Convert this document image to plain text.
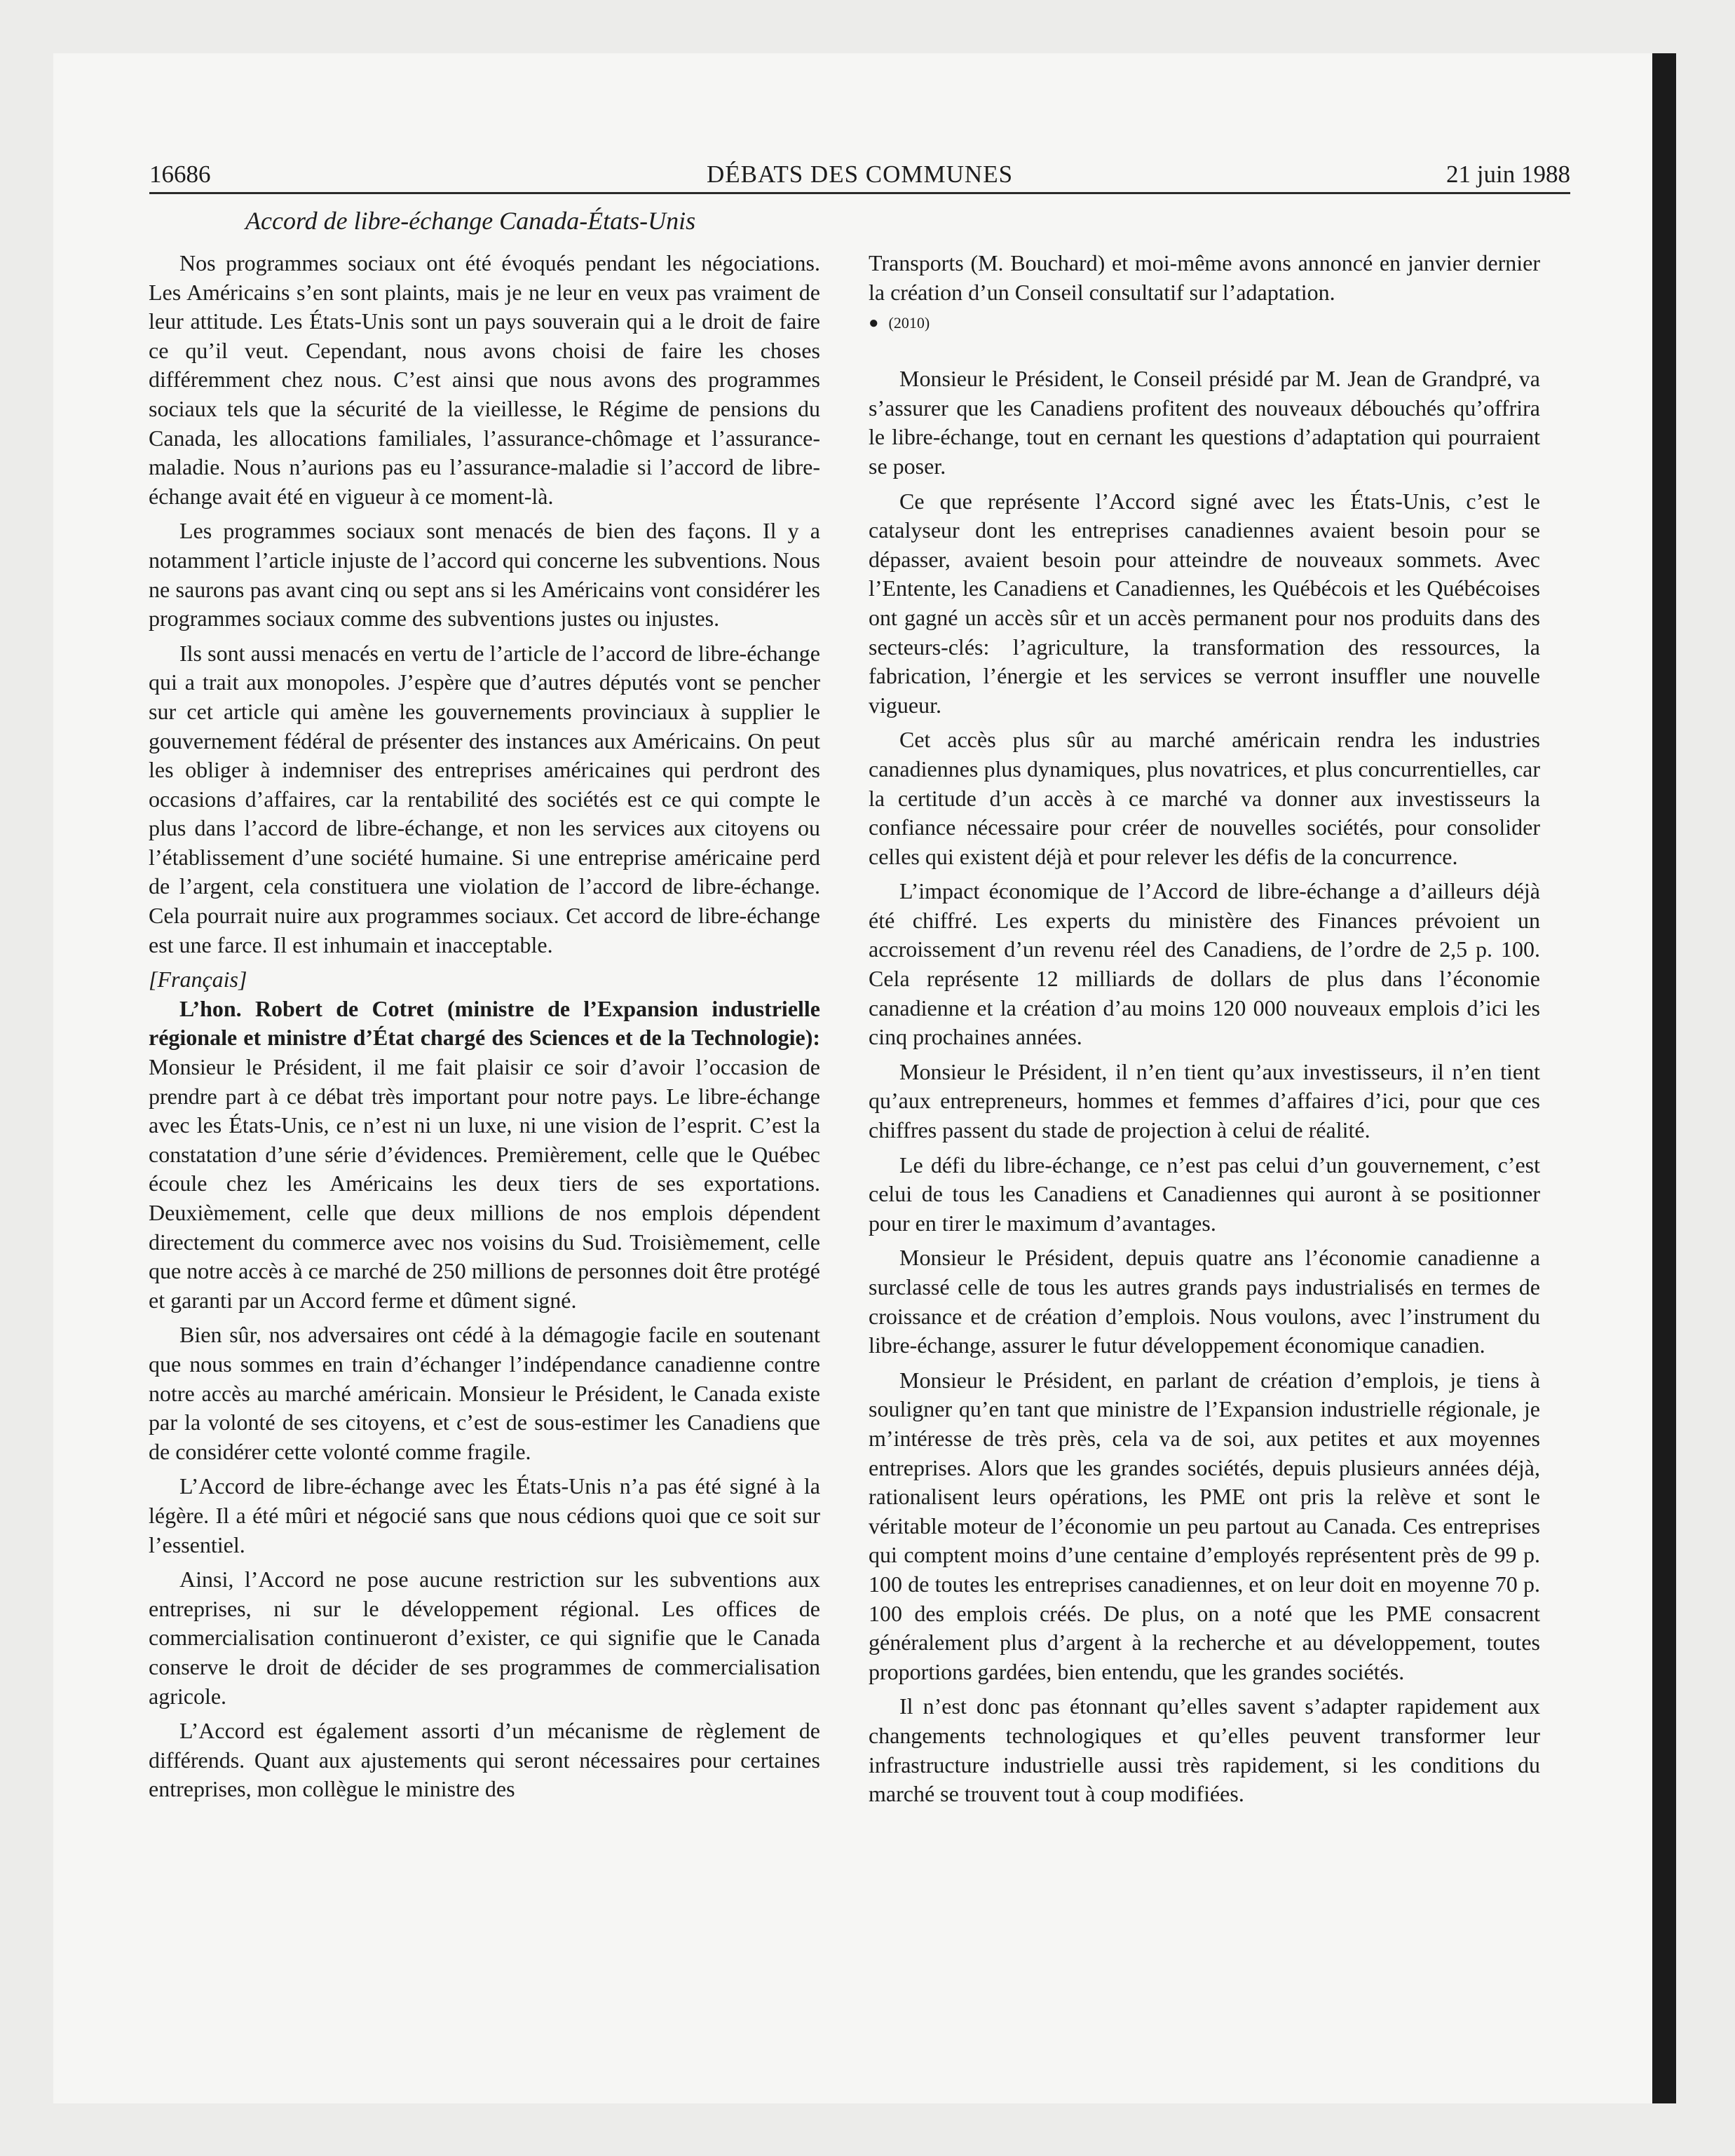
16686	DÉBATS DES COMMUNES	21 juin 1988
Accord de libre-échange Canada-États-Unis

Nos programmes sociaux ont été évoqués pendant les négociations. Les Américains s’en sont plaints, mais je ne leur en veux pas vraiment de leur attitude. Les États-Unis sont un pays souverain qui a le droit de faire ce qu’il veut. Cependant, nous avons choisi de faire les choses différemment chez nous. C’est ainsi que nous avons des programmes sociaux tels que la sécurité de la vieillesse, le Régime de pensions du Canada, les allocations familiales, l’assurance-chômage et l’assurance-maladie. Nous n’aurions pas eu l’assurance-maladie si l’accord de libre-échange avait été en vigueur à ce moment-là.

Les programmes sociaux sont menacés de bien des façons. Il y a notamment l’article injuste de l’accord qui concerne les subventions. Nous ne saurons pas avant cinq ou sept ans si les Américains vont considérer les programmes sociaux comme des subventions justes ou injustes.

Ils sont aussi menacés en vertu de l’article de l’accord de libre-échange qui a trait aux monopoles. J’espère que d’autres députés vont se pencher sur cet article qui amène les gouvernements provinciaux à supplier le gouvernement fédéral de présenter des instances aux Américains. On peut les obliger à indemniser des entreprises américaines qui perdront des occasions d’affaires, car la rentabilité des sociétés est ce qui compte le plus dans l’accord de libre-échange, et non les services aux citoyens ou l’établissement d’une société humaine. Si une entreprise américaine perd de l’argent, cela constituera une violation de l’accord de libre-échange. Cela pourrait nuire aux programmes sociaux. Cet accord de libre-échange est une farce. Il est inhumain et inacceptable.

[Français]

L’hon. Robert de Cotret (ministre de l’Expansion industrielle régionale et ministre d’État chargé des Sciences et de la Technologie): Monsieur le Président, il me fait plaisir ce soir d’avoir l’occasion de prendre part à ce débat très important pour notre pays. Le libre-échange avec les États-Unis, ce n’est ni un luxe, ni une vision de l’esprit. C’est la constatation d’une série d’évidences. Premièrement, celle que le Québec écoule chez les Américains les deux tiers de ses exportations. Deuxièmement, celle que deux millions de nos emplois dépendent directement du commerce avec nos voisins du Sud. Troisièmement, celle que notre accès à ce marché de 250 millions de personnes doit être protégé et garanti par un Accord ferme et dûment signé.

Bien sûr, nos adversaires ont cédé à la démagogie facile en soutenant que nous sommes en train d’échanger l’indépendance canadienne contre notre accès au marché américain. Monsieur le Président, le Canada existe par la volonté de ses citoyens, et c’est de sous-estimer les Canadiens que de considérer cette volonté comme fragile.

L’Accord de libre-échange avec les États-Unis n’a pas été signé à la légère. Il a été mûri et négocié sans que nous cédions quoi que ce soit sur l’essentiel.

Ainsi, l’Accord ne pose aucune restriction sur les subventions aux entreprises, ni sur le développement régional. Les offices de commercialisation continueront d’exister, ce qui signifie que le Canada conserve le droit de décider de ses programmes de commercialisation agricole.

L’Accord est également assorti d’un mécanisme de règlement de différends. Quant aux ajustements qui seront nécessaires pour certaines entreprises, mon collègue le ministre des

Transports (M. Bouchard) et moi-même avons annoncé en janvier dernier la création d’un Conseil consultatif sur l’adaptation.

● (2010)

Monsieur le Président, le Conseil présidé par M. Jean de Grandpré, va s’assurer que les Canadiens profitent des nouveaux débouchés qu’offrira le libre-échange, tout en cernant les questions d’adaptation qui pourraient se poser.

Ce que représente l’Accord signé avec les États-Unis, c’est le catalyseur dont les entreprises canadiennes avaient besoin pour se dépasser, avaient besoin pour atteindre de nouveaux sommets. Avec l’Entente, les Canadiens et Canadiennes, les Québécois et les Québécoises ont gagné un accès sûr et un accès permanent pour nos produits dans des secteurs-clés: l’agriculture, la transformation des ressources, la fabrication, l’énergie et les services se verront insuffler une nouvelle vigueur.

Cet accès plus sûr au marché américain rendra les industries canadiennes plus dynamiques, plus novatrices, et plus concurrentielles, car la certitude d’un accès à ce marché va donner aux investisseurs la confiance nécessaire pour créer de nouvelles sociétés, pour consolider celles qui existent déjà et pour relever les défis de la concurrence.

L’impact économique de l’Accord de libre-échange a d’ailleurs déjà été chiffré. Les experts du ministère des Finances prévoient un accroissement d’un revenu réel des Canadiens, de l’ordre de 2,5 p. 100. Cela représente 12 milliards de dollars de plus dans l’économie canadienne et la création d’au moins 120 000 nouveaux emplois d’ici les cinq prochaines années.

Monsieur le Président, il n’en tient qu’aux investisseurs, il n’en tient qu’aux entrepreneurs, hommes et femmes d’affaires d’ici, pour que ces chiffres passent du stade de projection à celui de réalité.

Le défi du libre-échange, ce n’est pas celui d’un gouvernement, c’est celui de tous les Canadiens et Canadiennes qui auront à se positionner pour en tirer le maximum d’avantages.

Monsieur le Président, depuis quatre ans l’économie canadienne a surclassé celle de tous les autres grands pays industrialisés en termes de croissance et de création d’emplois. Nous voulons, avec l’instrument du libre-échange, assurer le futur développement économique canadien.

Monsieur le Président, en parlant de création d’emplois, je tiens à souligner qu’en tant que ministre de l’Expansion industrielle régionale, je m’intéresse de très près, cela va de soi, aux petites et aux moyennes entreprises. Alors que les grandes sociétés, depuis plusieurs années déjà, rationalisent leurs opérations, les PME ont pris la relève et sont le véritable moteur de l’économie un peu partout au Canada. Ces entreprises qui comptent moins d’une centaine d’employés représentent près de 99 p. 100 de toutes les entreprises canadiennes, et on leur doit en moyenne 70 p. 100 des emplois créés. De plus, on a noté que les PME consacrent généralement plus d’argent à la recherche et au développement, toutes proportions gardées, bien entendu, que les grandes sociétés.

Il n’est donc pas étonnant qu’elles savent s’adapter rapidement aux changements technologiques et qu’elles peuvent transformer leur infrastructure industrielle aussi très rapidement, si les conditions du marché se trouvent tout à coup modifiées.
